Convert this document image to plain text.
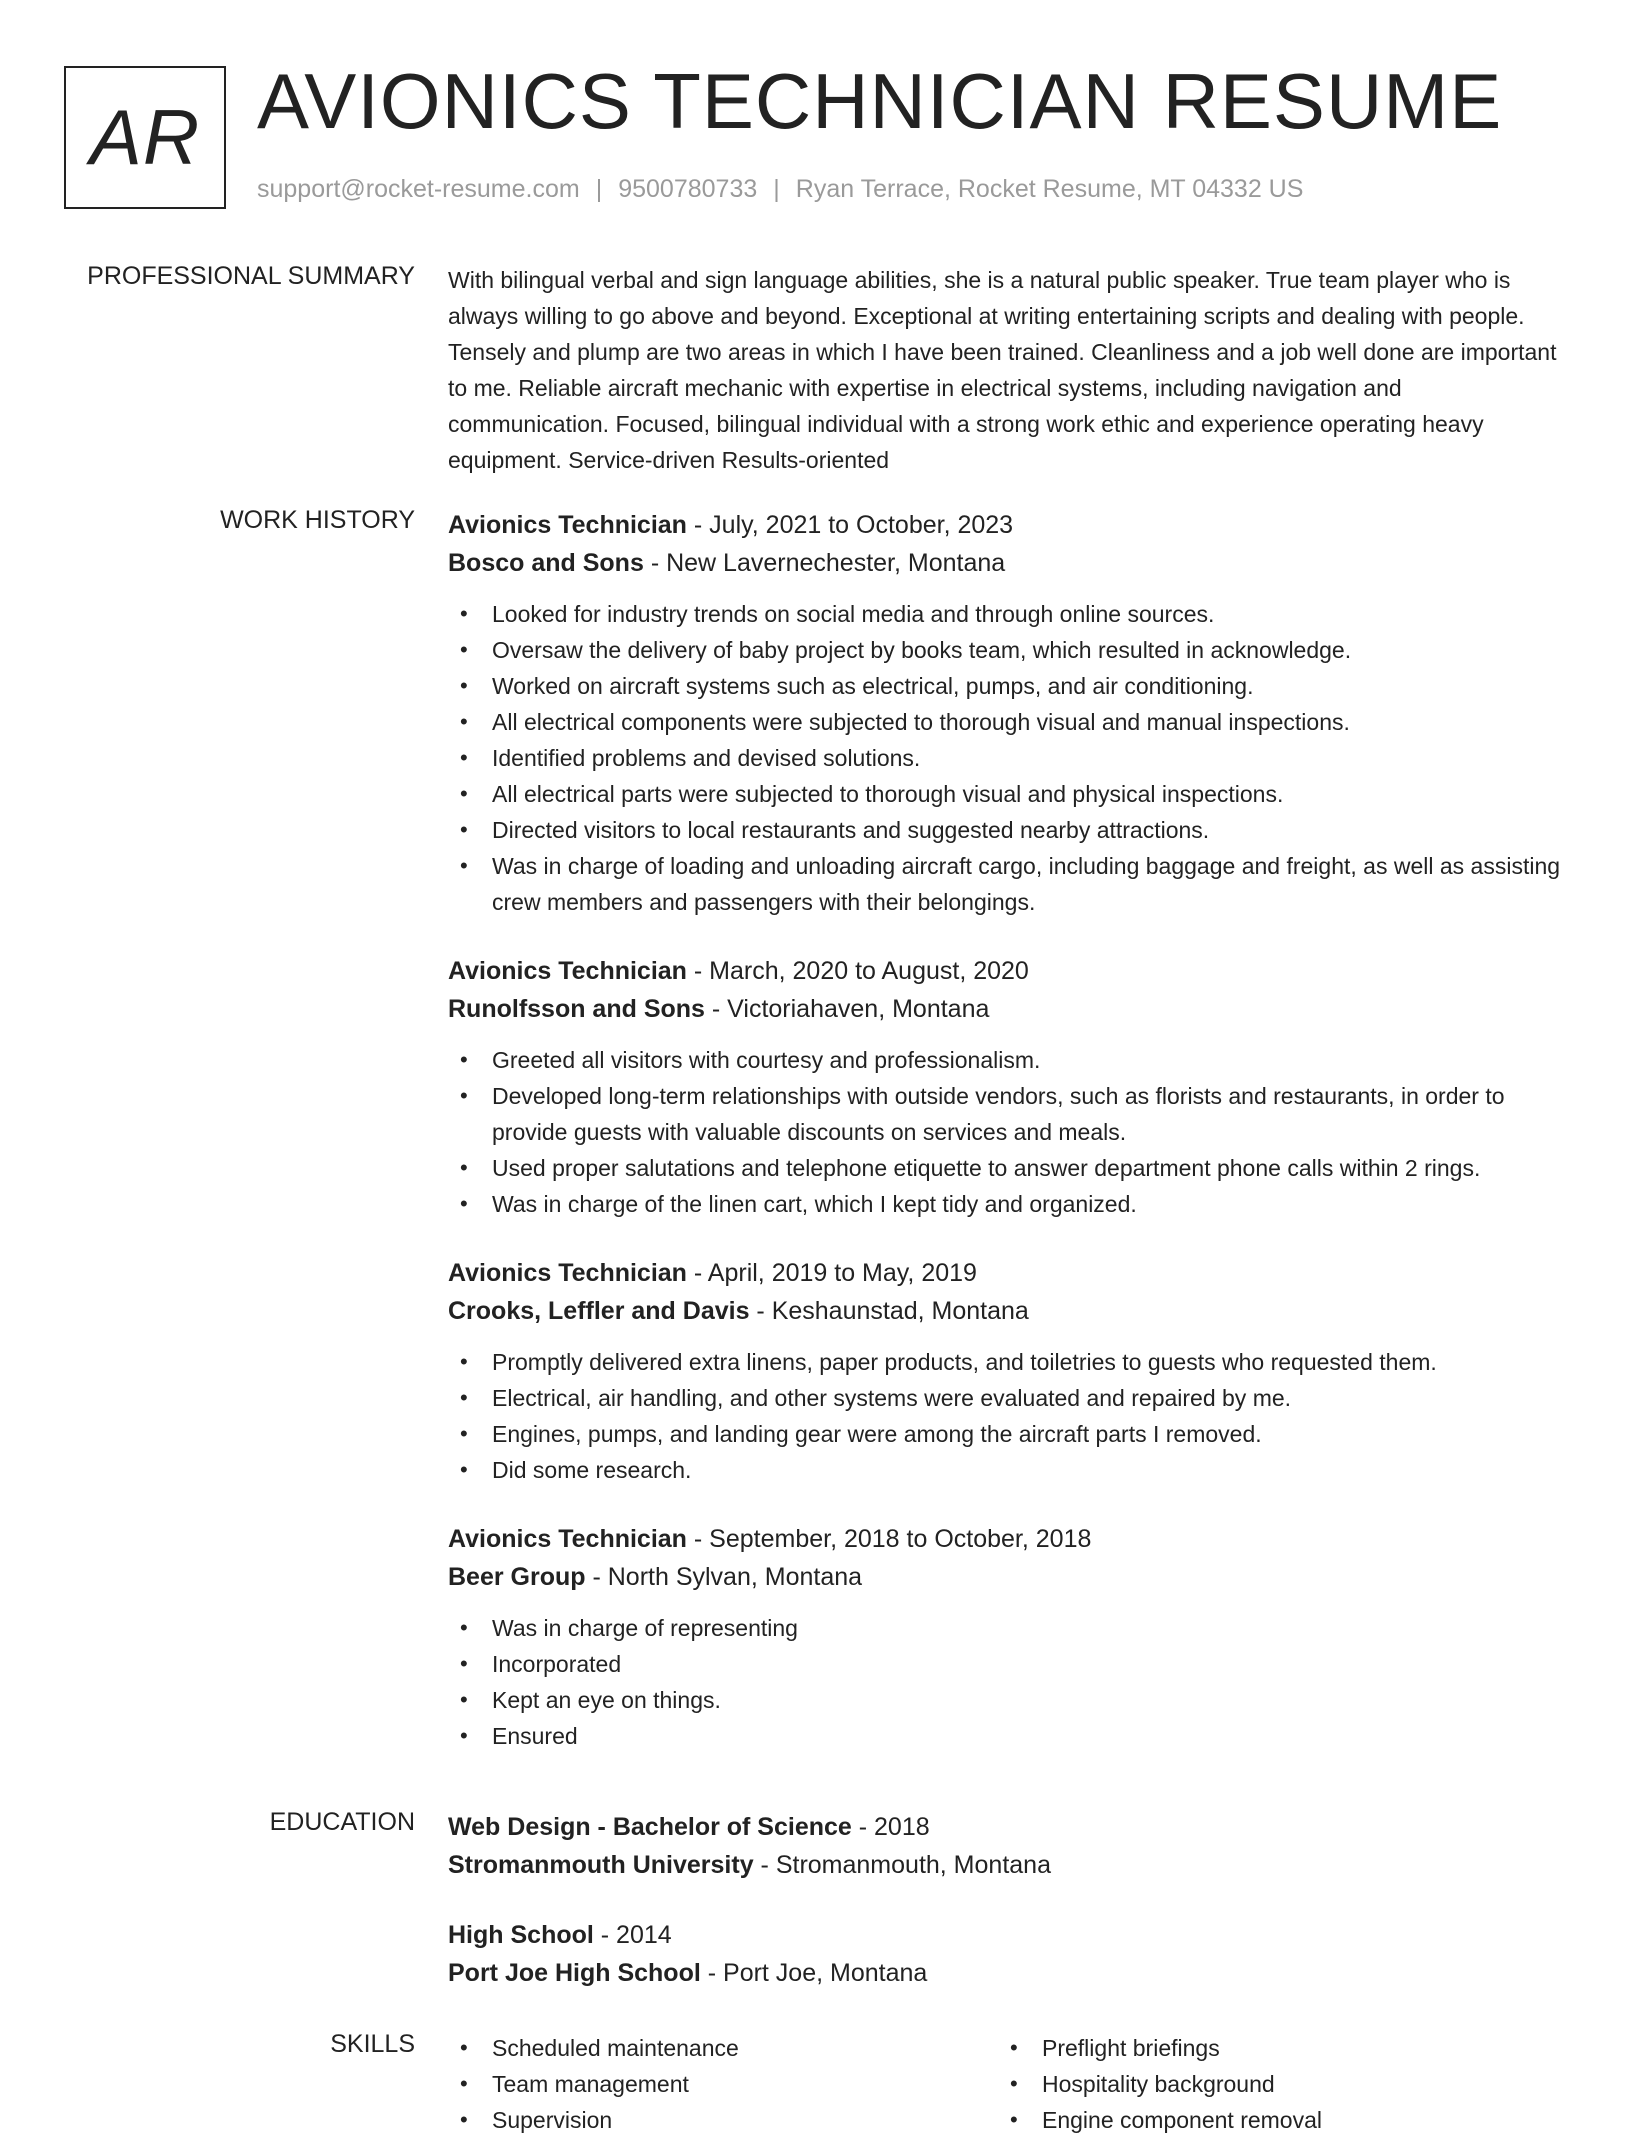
AR AVIONICS TECHNICIAN RESUME
support@rocket-resume.com | 9500780733 | Ryan Terrace, Rocket Resume, MT 04332 US
PROFESSIONAL SUMMARY With bilingual verbal and sign language abilities, she is a natural public speaker. True team player who is always willing to go above and beyond. Exceptional at writing entertaining scripts and dealing with people. Tensely and plump are two areas in which I have been trained. Cleanliness and a job well done are important to me. Reliable aircraft mechanic with expertise in electrical systems, including navigation and communication. Focused, bilingual individual with a strong work ethic and experience operating heavy equipment. Service-driven Results-oriented
WORK HISTORY Avionics Technician - July, 2021 to October, 2023
Bosco and Sons - New Lavernechester, Montana
• Looked for industry trends on social media and through online sources.
• Oversaw the delivery of baby project by books team, which resulted in acknowledge.
• Worked on aircraft systems such as electrical, pumps, and air conditioning.
• All electrical components were subjected to thorough visual and manual inspections.
• Identified problems and devised solutions.
• All electrical parts were subjected to thorough visual and physical inspections.
• Directed visitors to local restaurants and suggested nearby attractions.
• Was in charge of loading and unloading aircraft cargo, including baggage and freight, as well as assisting crew members and passengers with their belongings.
Avionics Technician - March, 2020 to August, 2020
Runolfsson and Sons - Victoriahaven, Montana
• Greeted all visitors with courtesy and professionalism.
• Developed long-term relationships with outside vendors, such as florists and restaurants, in order to provide guests with valuable discounts on services and meals.
• Used proper salutations and telephone etiquette to answer department phone calls within 2 rings.
• Was in charge of the linen cart, which I kept tidy and organized.
Avionics Technician - April, 2019 to May, 2019
Crooks, Leffler and Davis - Keshaunstad, Montana
• Promptly delivered extra linens, paper products, and toiletries to guests who requested them.
• Electrical, air handling, and other systems were evaluated and repaired by me.
• Engines, pumps, and landing gear were among the aircraft parts I removed.
• Did some research.
Avionics Technician - September, 2018 to October, 2018
Beer Group - North Sylvan, Montana
• Was in charge of representing
• Incorporated
• Kept an eye on things.
• Ensured
EDUCATION Web Design - Bachelor of Science - 2018
Stromanmouth University - Stromanmouth, Montana
High School - 2014
Port Joe High School - Port Joe, Montana
SKILLS
•	Scheduled maintenance
• Team management
• Supervision
• Preflight briefings
• Hospitality background
• Engine component removal
